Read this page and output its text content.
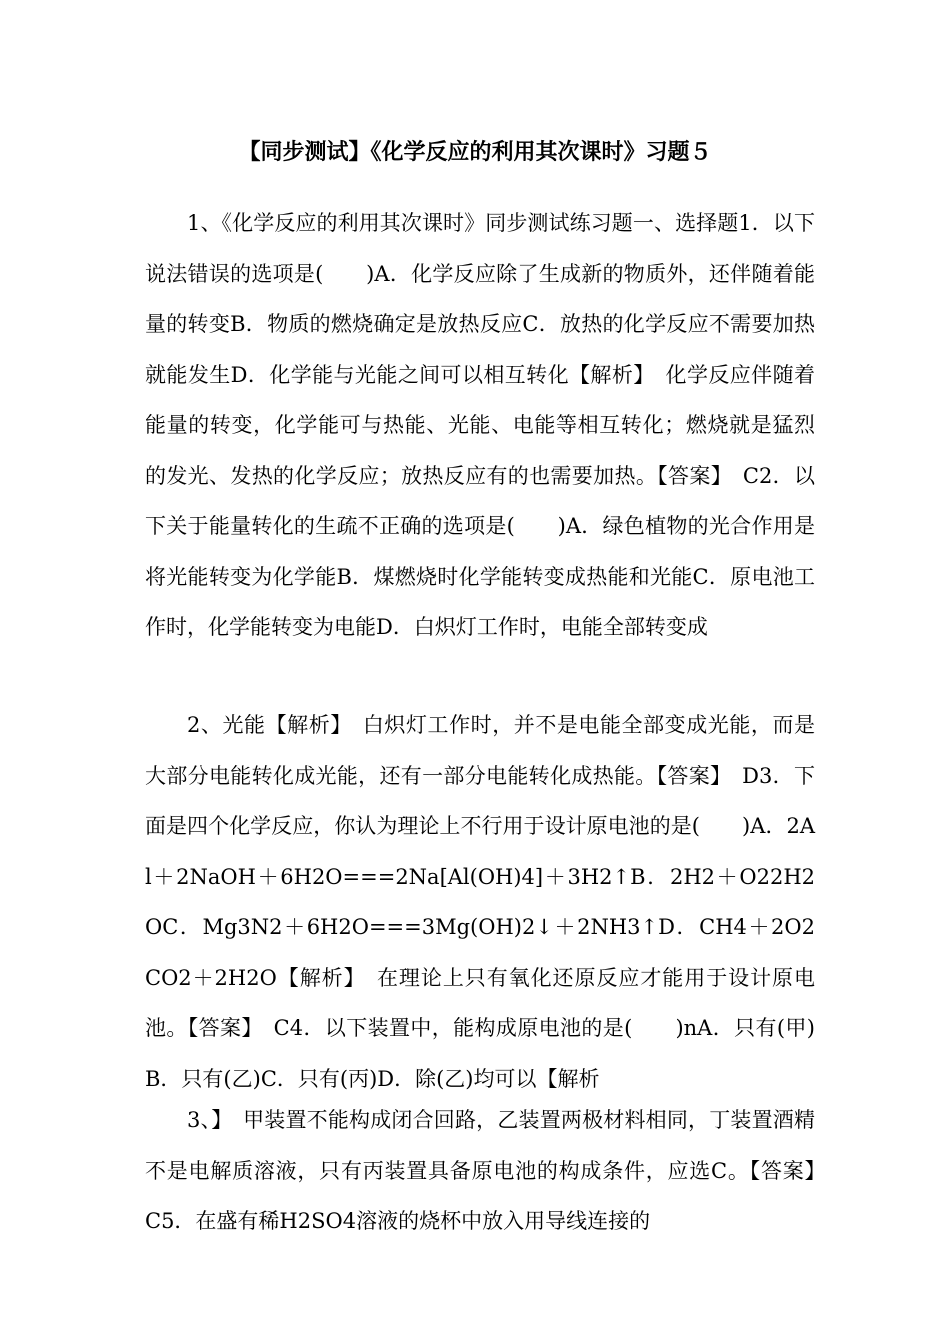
【同步测试】《化学反应的利用其次课时》习题５

1、《化学反应的利用其次课时》同步测试练习题一、选择题1．以下说法错误的选项是(　　)A．化学反应除了生成新的物质外，还伴随着能量的转变B．物质的燃烧确定是放热反应C．放热的化学反应不需要加热就能发生D．化学能与光能之间可以相互转化【解析】　化学反应伴随着能量的转变，化学能可与热能、光能、电能等相互转化；燃烧就是猛烈的发光、发热的化学反应；放热反应有的也需要加热。【答案】　C2．以下关于能量转化的生疏不正确的选项是(　　)A．绿色植物的光合作用是将光能转变为化学能B．煤燃烧时化学能转变成热能和光能C．原电池工作时，化学能转变为电能D．白炽灯工作时，电能全部转变成

2、光能【解析】　白炽灯工作时，并不是电能全部变成光能，而是大部分电能转化成光能，还有一部分电能转化成热能。【答案】　D3．下面是四个化学反应，你认为理论上不行用于设计原电池的是(　　)A．2Al＋2NaOH＋6H2O===2Na[Al(OH)4]＋3H2↑B．2H2＋O22H2OC．Mg3N2＋6H2O===3Mg(OH)2↓＋2NH3↑D．CH4＋2O2CO2＋2H2O【解析】　在理论上只有氧化还原反应才能用于设计原电池。【答案】　C4．以下装置中，能构成原电池的是(　　)nA．只有(甲)　　　　B．只有(乙)C．只有(丙)D．除(乙)均可以【解析

3、】　甲装置不能构成闭合回路，乙装置两极材料相同，丁装置酒精不是电解质溶液，只有丙装置具备原电池的构成条件，应选C。【答案】　C5．在盛有稀H2SO4溶液的烧杯中放入用导线连接的
